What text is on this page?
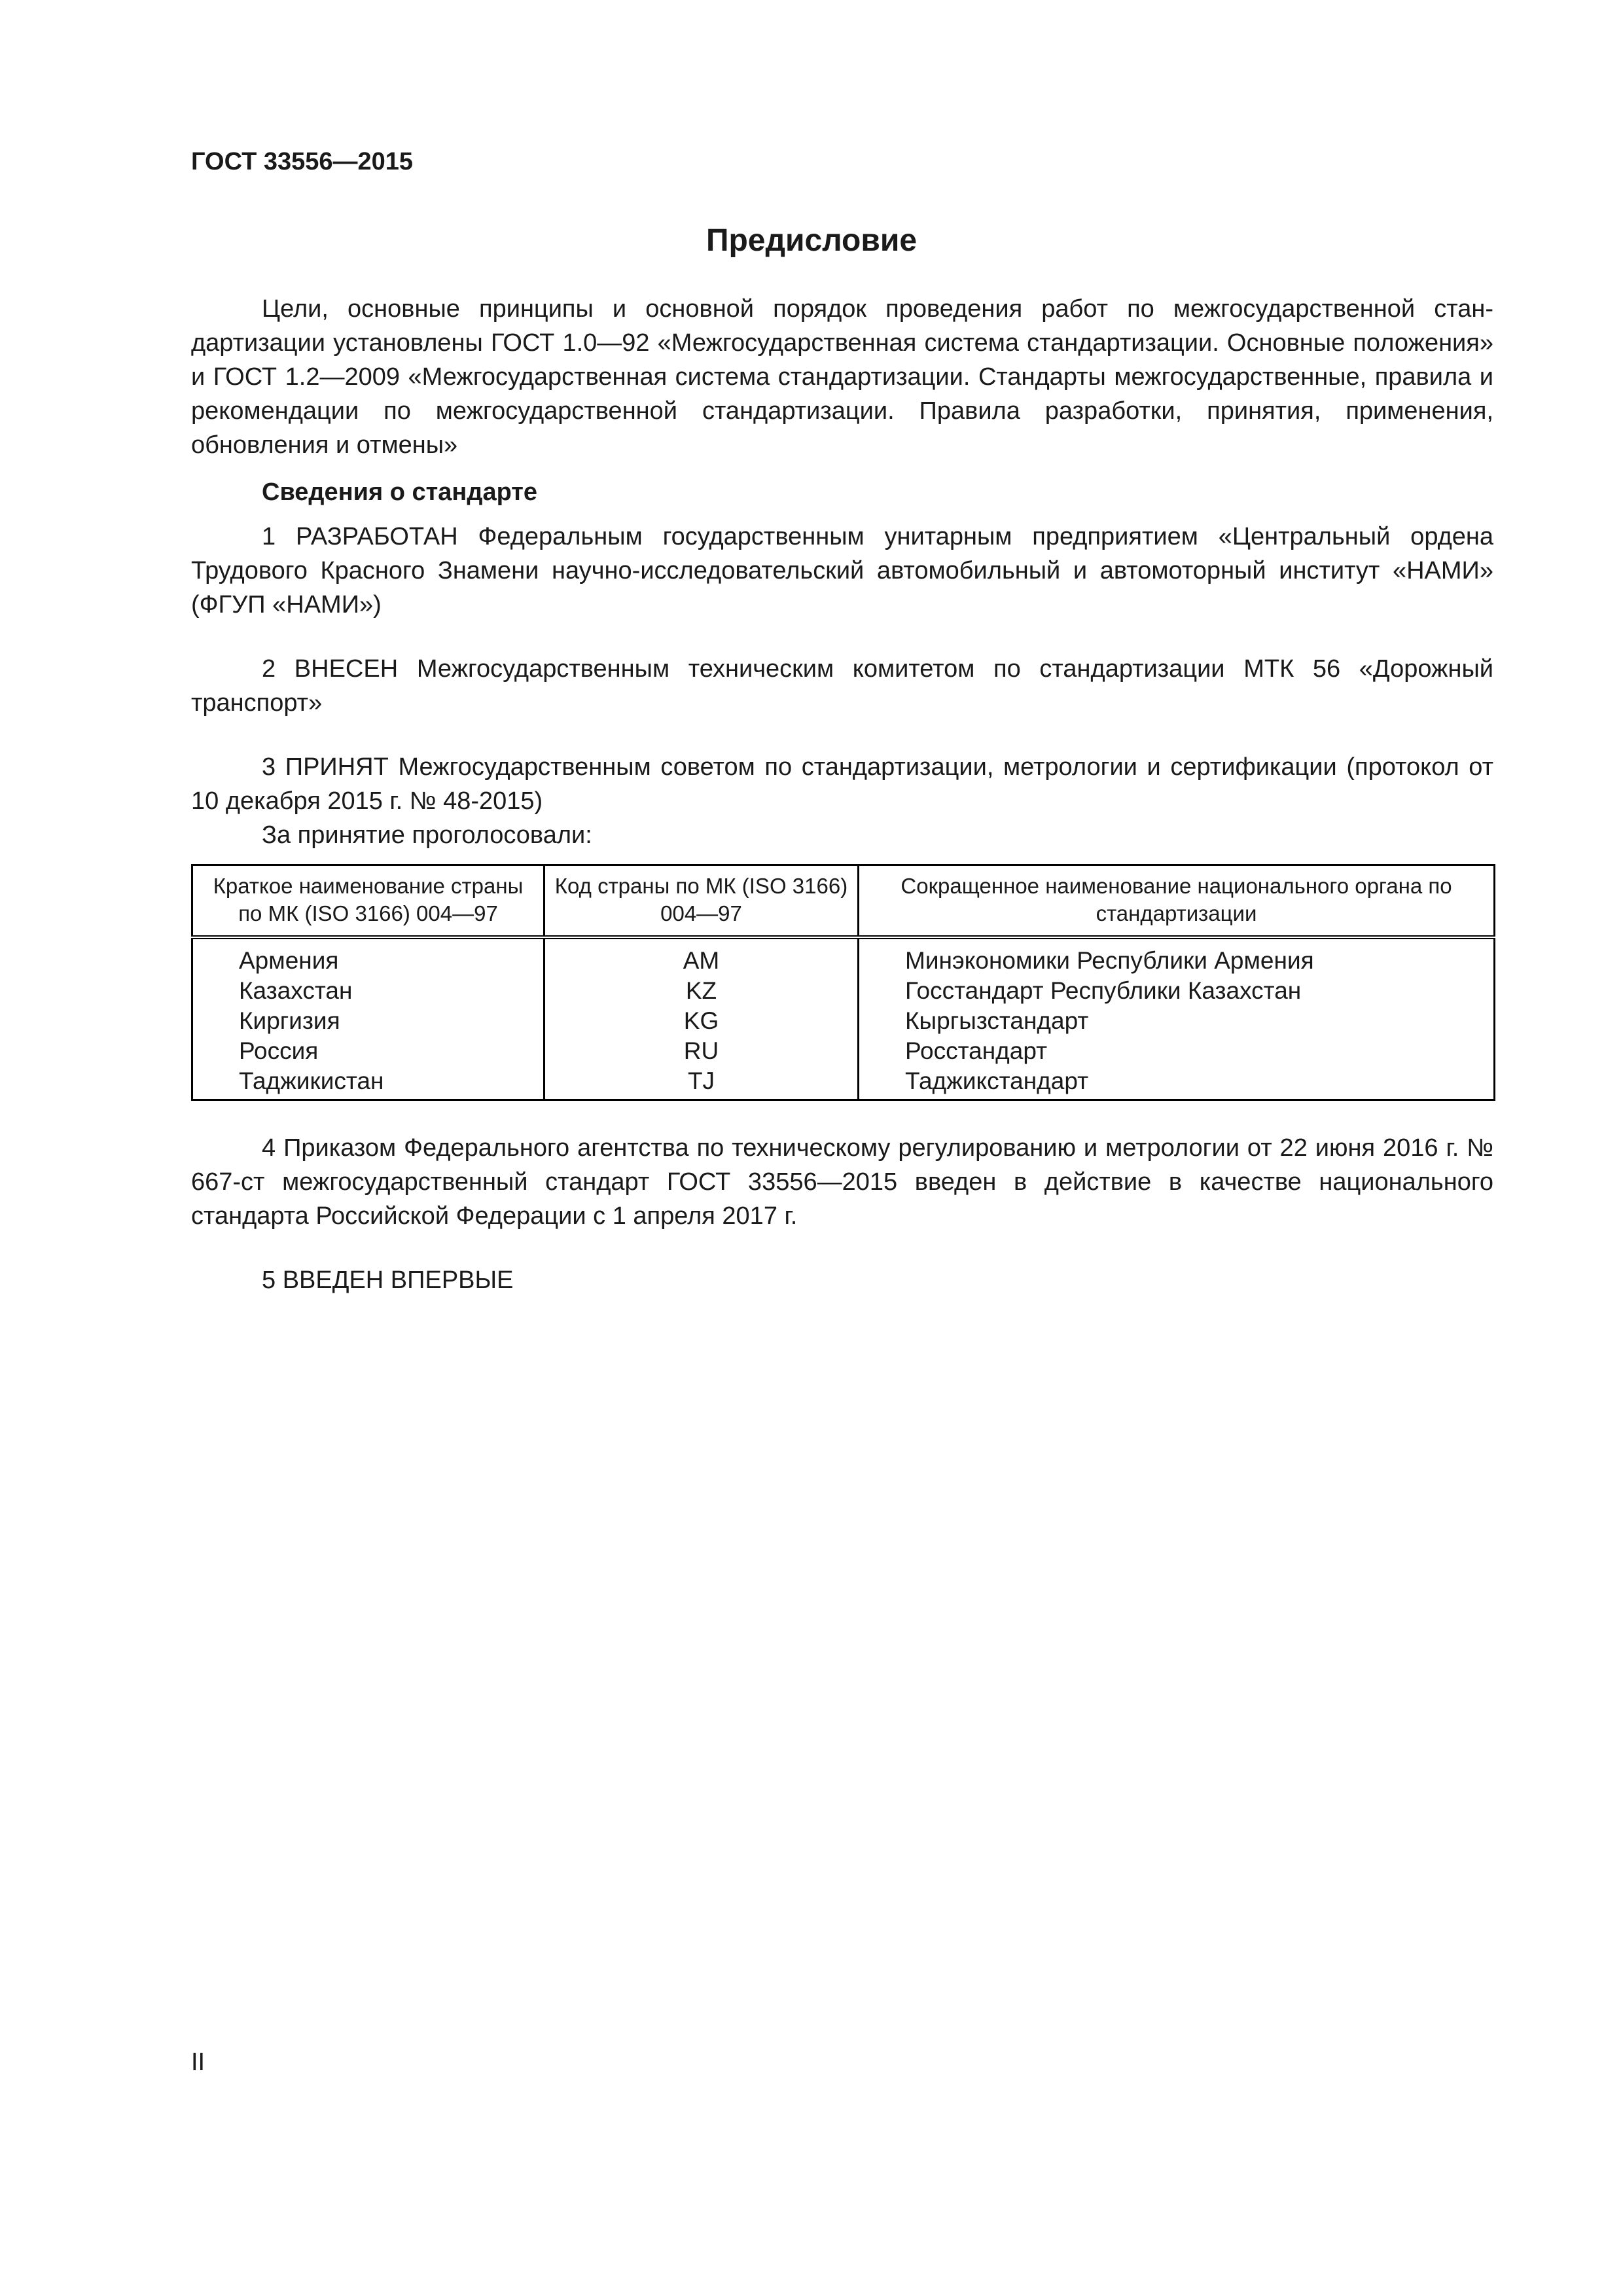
ГОСТ 33556—2015
Предисловие

Цели, основные принципы и основной порядок проведения работ по межгосударственной стандартизации установлены ГОСТ 1.0—92 «Межгосударственная система стандартизации. Основные положения» и ГОСТ 1.2—2009 «Межгосударственная система стандартизации. Стандарты межгосударственные, правила и рекомендации по межгосударственной стандартизации. Правила разработки, принятия, применения, обновления и отмены»

Сведения о стандарте

1 РАЗРАБОТАН Федеральным государственным унитарным предприятием «Центральный ордена Трудового Красного Знамени научно-исследовательский автомобильный и автомоторный институт «НАМИ» (ФГУП «НАМИ»)

2 ВНЕСЕН Межгосударственным техническим комитетом по стандартизации МТК 56 «Дорожный транспорт»

3 ПРИНЯТ Межгосударственным советом по стандартизации, метрологии и сертификации (протокол от 10 декабря 2015 г. № 48-2015)

За принятие проголосовали:

Краткое наименование страны по МК (ISO 3166) 004—97	Код страны по МК (ISO 3166) 004—97	Сокращенное наименование национального органа по стандартизации
Армения	AM	Минэкономики Республики Армения
Казахстан	KZ	Госстандарт Республики Казахстан
Киргизия	KG	Кыргызстандарт
Россия	RU	Росстандарт
Таджикистан	TJ	Таджикстандарт

4 Приказом Федерального агентства по техническому регулированию и метрологии от 22 июня 2016 г. № 667-ст межгосударственный стандарт ГОСТ 33556—2015 введен в действие в качестве национального стандарта Российской Федерации с 1 апреля 2017 г.

5 ВВЕДЕН ВПЕРВЫЕ

II
